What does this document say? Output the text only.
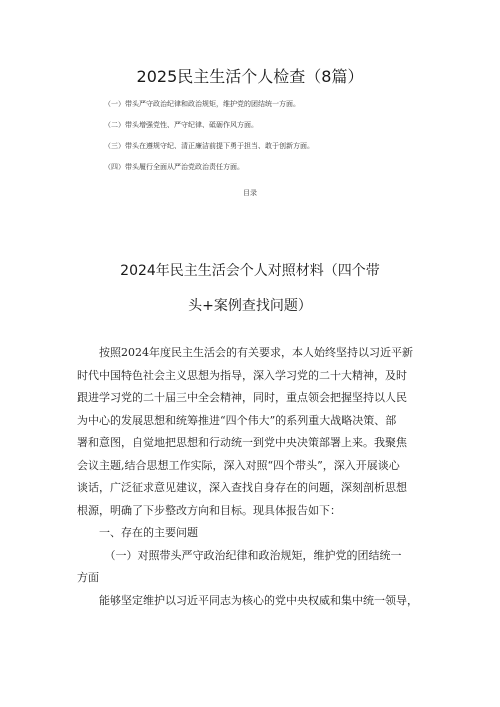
2025民主生活个人检查（8篇）
（一）带头严守政治纪律和政治规矩，维护党的团结统一方面。
（二）带头增强党性、严守纪律、砥砺作风方面。
（三）带头在遵规守纪、清正廉洁前提下勇于担当、敢于创新方面。
（四）带头履行全面从严治党政治责任方面。
目录
2024年民主生活会个人对照材料（四个带
头+案例查找问题）
　　按照2024年度民主生活会的有关要求，本人始终坚持以习近平新
时代中国特色社会主义思想为指导，深入学习党的二十大精神，及时
跟进学习党的二十届三中全会精神，同时，重点领会把握坚持以人民
为中心的发展思想和统筹推进“四个伟大”的系列重大战略决策、部
署和意图，自觉地把思想和行动统一到党中央决策部署上来。我聚焦
会议主题,结合思想工作实际，深入对照“四个带头”，深入开展谈心
谈话，广泛征求意见建议，深入查找自身存在的问题，深刻剖析思想
根源，明确了下步整改方向和目标。现具体报告如下：
　　一、存在的主要问题
　　　（一）对照带头严守政治纪律和政治规矩，维护党的团结统一
方面
　　能够坚定维护以习近平同志为核心的党中央权威和集中统一领导，
